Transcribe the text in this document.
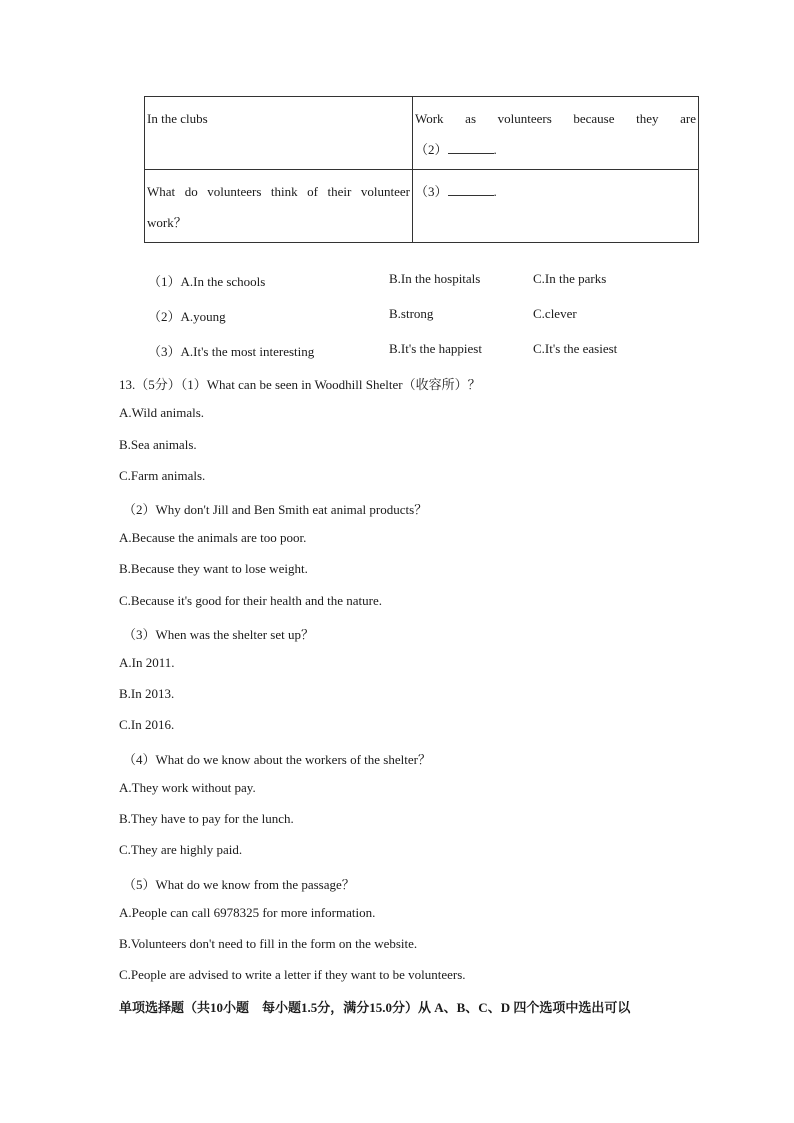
In the clubs	Work as volunteers because they are
（2） .

What do volunteers think of their volunteer
work？	（3） .
（1）A.In the schools	B.In the hospitals	C.In the parks
（2）A.young	B.strong	C.clever
（3）A.It's the most interesting	B.It's the happiest	C.It's the easiest
13.（5分）（1）What can be seen in Woodhill Shelter（收容所）？
A.Wild animals.
B.Sea animals.
C.Farm animals.
（2）Why don't Jill and Ben Smith eat animal products？
A.Because the animals are too poor.
B.Because they want to lose weight.
C.Because it's good for their health and the nature.
（3）When was the shelter set up？
A.In 2011.
B.In 2013.
C.In 2016.
（4）What do we know about the workers of the shelter？
A.They work without pay.
B.They have to pay for the lunch.
C.They are highly paid.
（5）What do we know from the passage？
A.People can call 6978325 for more information.
B.Volunteers don't need to fill in the form on the website.
C.People are advised to write a letter if they want to be volunteers.
单项选择题（共10小题　每小题1.5分，满分15.0分）从 A、B、C、D 四个选项中选出可以
